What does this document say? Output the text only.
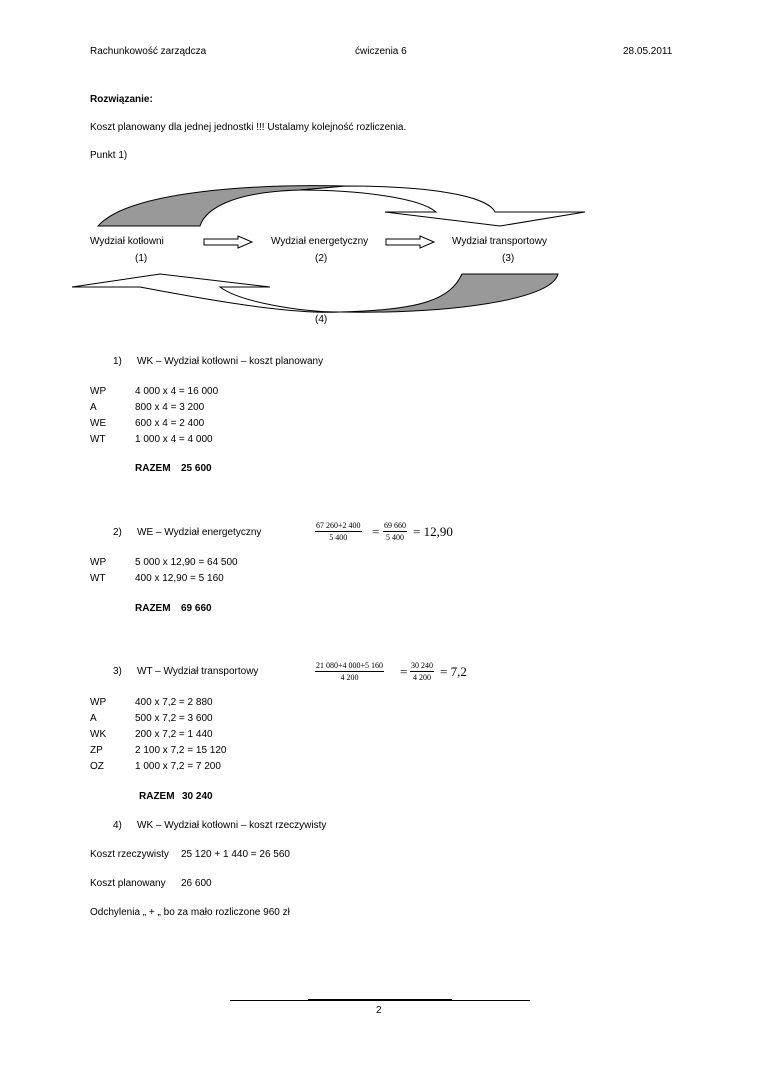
Rachunkowość zarządcza	ćwiczenia 6	28.05.2011
Rozwiązanie:
Koszt planowany dla jednej jednostki !!! Ustalamy kolejność rozliczenia.
Punkt 1)
Wydział kotłowni
(1)
Wydział energetyczny
(2)
Wydział transportowy
(3)
(4)
1) WK – Wydział kotłowni – koszt planowany
WP	4 000 x 4 = 16 000
A	800 x 4 = 3 200
WE	600 x 4 = 2 400
WT	1 000 x 4 = 4 000
RAZEM 25 600
2) WE – Wydział energetyczny	$\frac{67 260+2 400}{5 400} = \frac{69 660}{5 400} = 12,90$
WP	5 000 x 12,90 = 64 500
WT	400 x 12,90 = 5 160
RAZEM 69 660
3) WT – Wydział transportowy	$\frac{21 080+4 000+5 160}{4 200} = \frac{30 240}{4 200} = 7,2$
WP	400 x 7,2 = 2 880
A	500 x 7,2 = 3 600
WK	200 x 7,2 = 1 440
ZP	2 100 x 7,2 = 15 120
OZ	1 000 x 7,2 = 7 200
RAZEM 30 240
4) WK – Wydział kotłowni – koszt rzeczywisty
Koszt rzeczywisty 25 120 + 1 440 = 26 560
Koszt planowany 26 600
Odchylenia „ + „ bo za mało rozliczone 960 zł
2
